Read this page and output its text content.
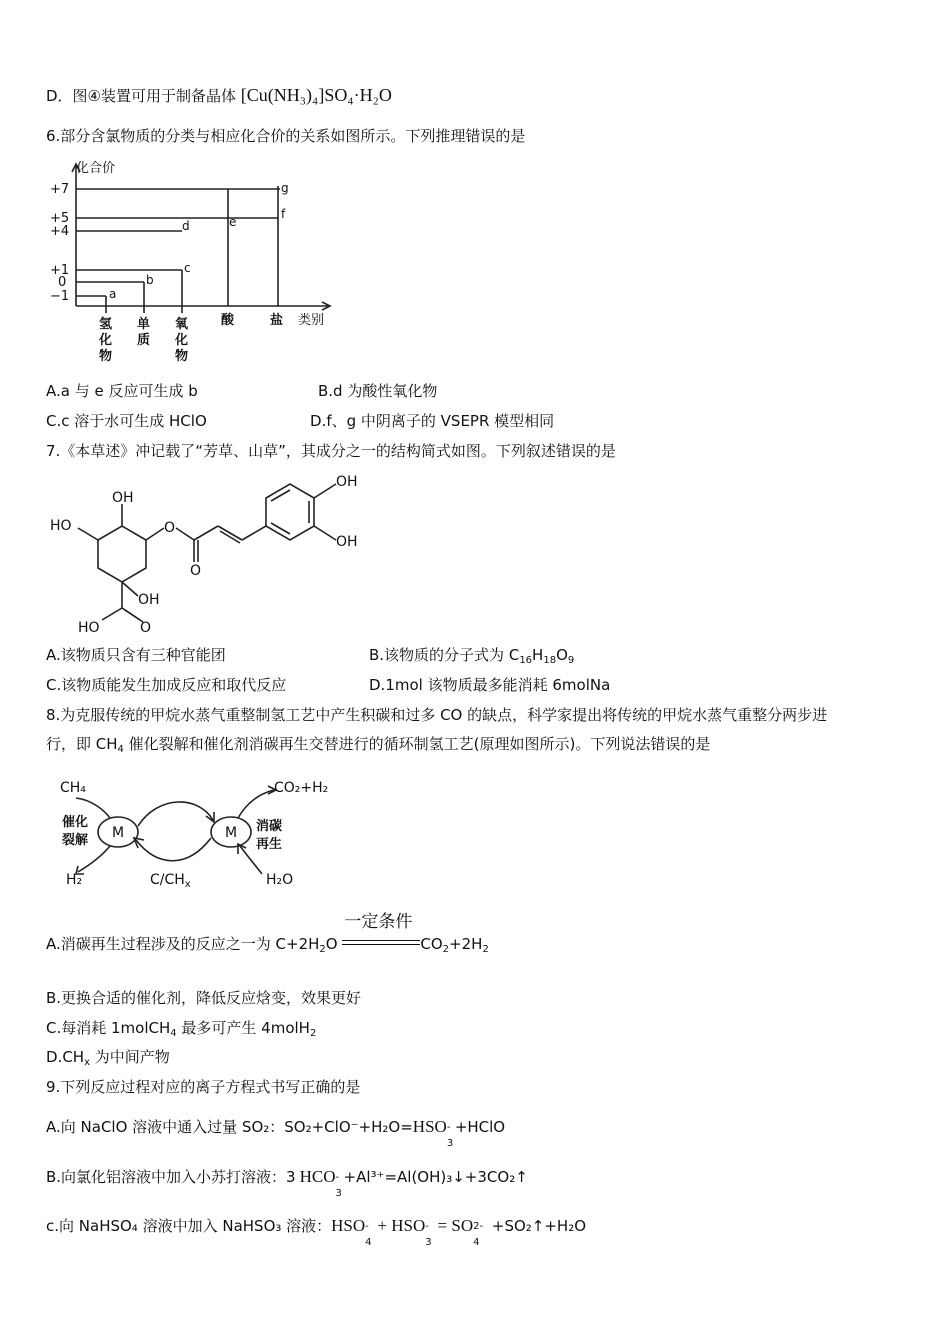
D．图④装置可用于制备晶体 [Cu(NH₃)₄]SO₄·H₂O
6.部分含氯物质的分类与相应化合价的关系如图所示。下列推理错误的是
化合价
+7
+5
+4
+1
0
−1	a
b
c
d	e
f
g
类别
氢
化
物
单
质
氧
化
物
酸	盐
A.a 与 e 反应可生成 b	B.d 为酸性氧化物
C.c 溶于水可生成 HClO	D.f、g 中阴离子的 VSEPR 模型相同
7.《本草述》冲记载了“芳草、山草”，其成分之一的结构简式如图。下列叙述错误的是
OH
HO	O
O
OH
HO	O
OH
OH
A.该物质只含有三种官能团	B.该物质的分子式为 $C_{16}H_{18}O_9$
C.该物质能发生加成反应和取代反应	D.1mol 该物质最多能消耗 6molNa
8.为克服传统的甲烷水蒸气重整制氢工艺中产生积碳和过多 CO 的缺点，科学家提出将传统的甲烷水蒸气重整分两步进
行，即 $CH_4$ 催化裂解和催化剂消碳再生交替进行的循环制氢工艺(原理如图所示)。下列说法错误的是
CH₄
催化
裂解 M	M 消碳
再生
CO₂+H₂
H₂	$C/CH_x$	H₂O
A.消碳再生过程涉及的反应之一为 $C+2H_2O$
一定条件
$CO_2+2H_2$
B.更换合适的催化剂，降低反应焓变，效果更好
C.每消耗 1molCH$_4$ 最多可产生 4molH$_2$
$D.CH_x$ 为中间产物
9.下列反应过程对应的离子方程式书写正确的是
A.向 NaClO 溶液中通入过量 SO₂：SO₂+ClO⁻+H₂O=HSO -
3
+HClO
B.向氯化铝溶液中加入小苏打溶液：3 HCO -
3
+Al³⁺=Al(OH)₃↓+3CO₂↑
c.向 NaHSO₄ 溶液中加入 NaHSO₃ 溶液：HSO -
4
+ HSO -
3
= SO 2-
4
+SO₂↑+H₂O
